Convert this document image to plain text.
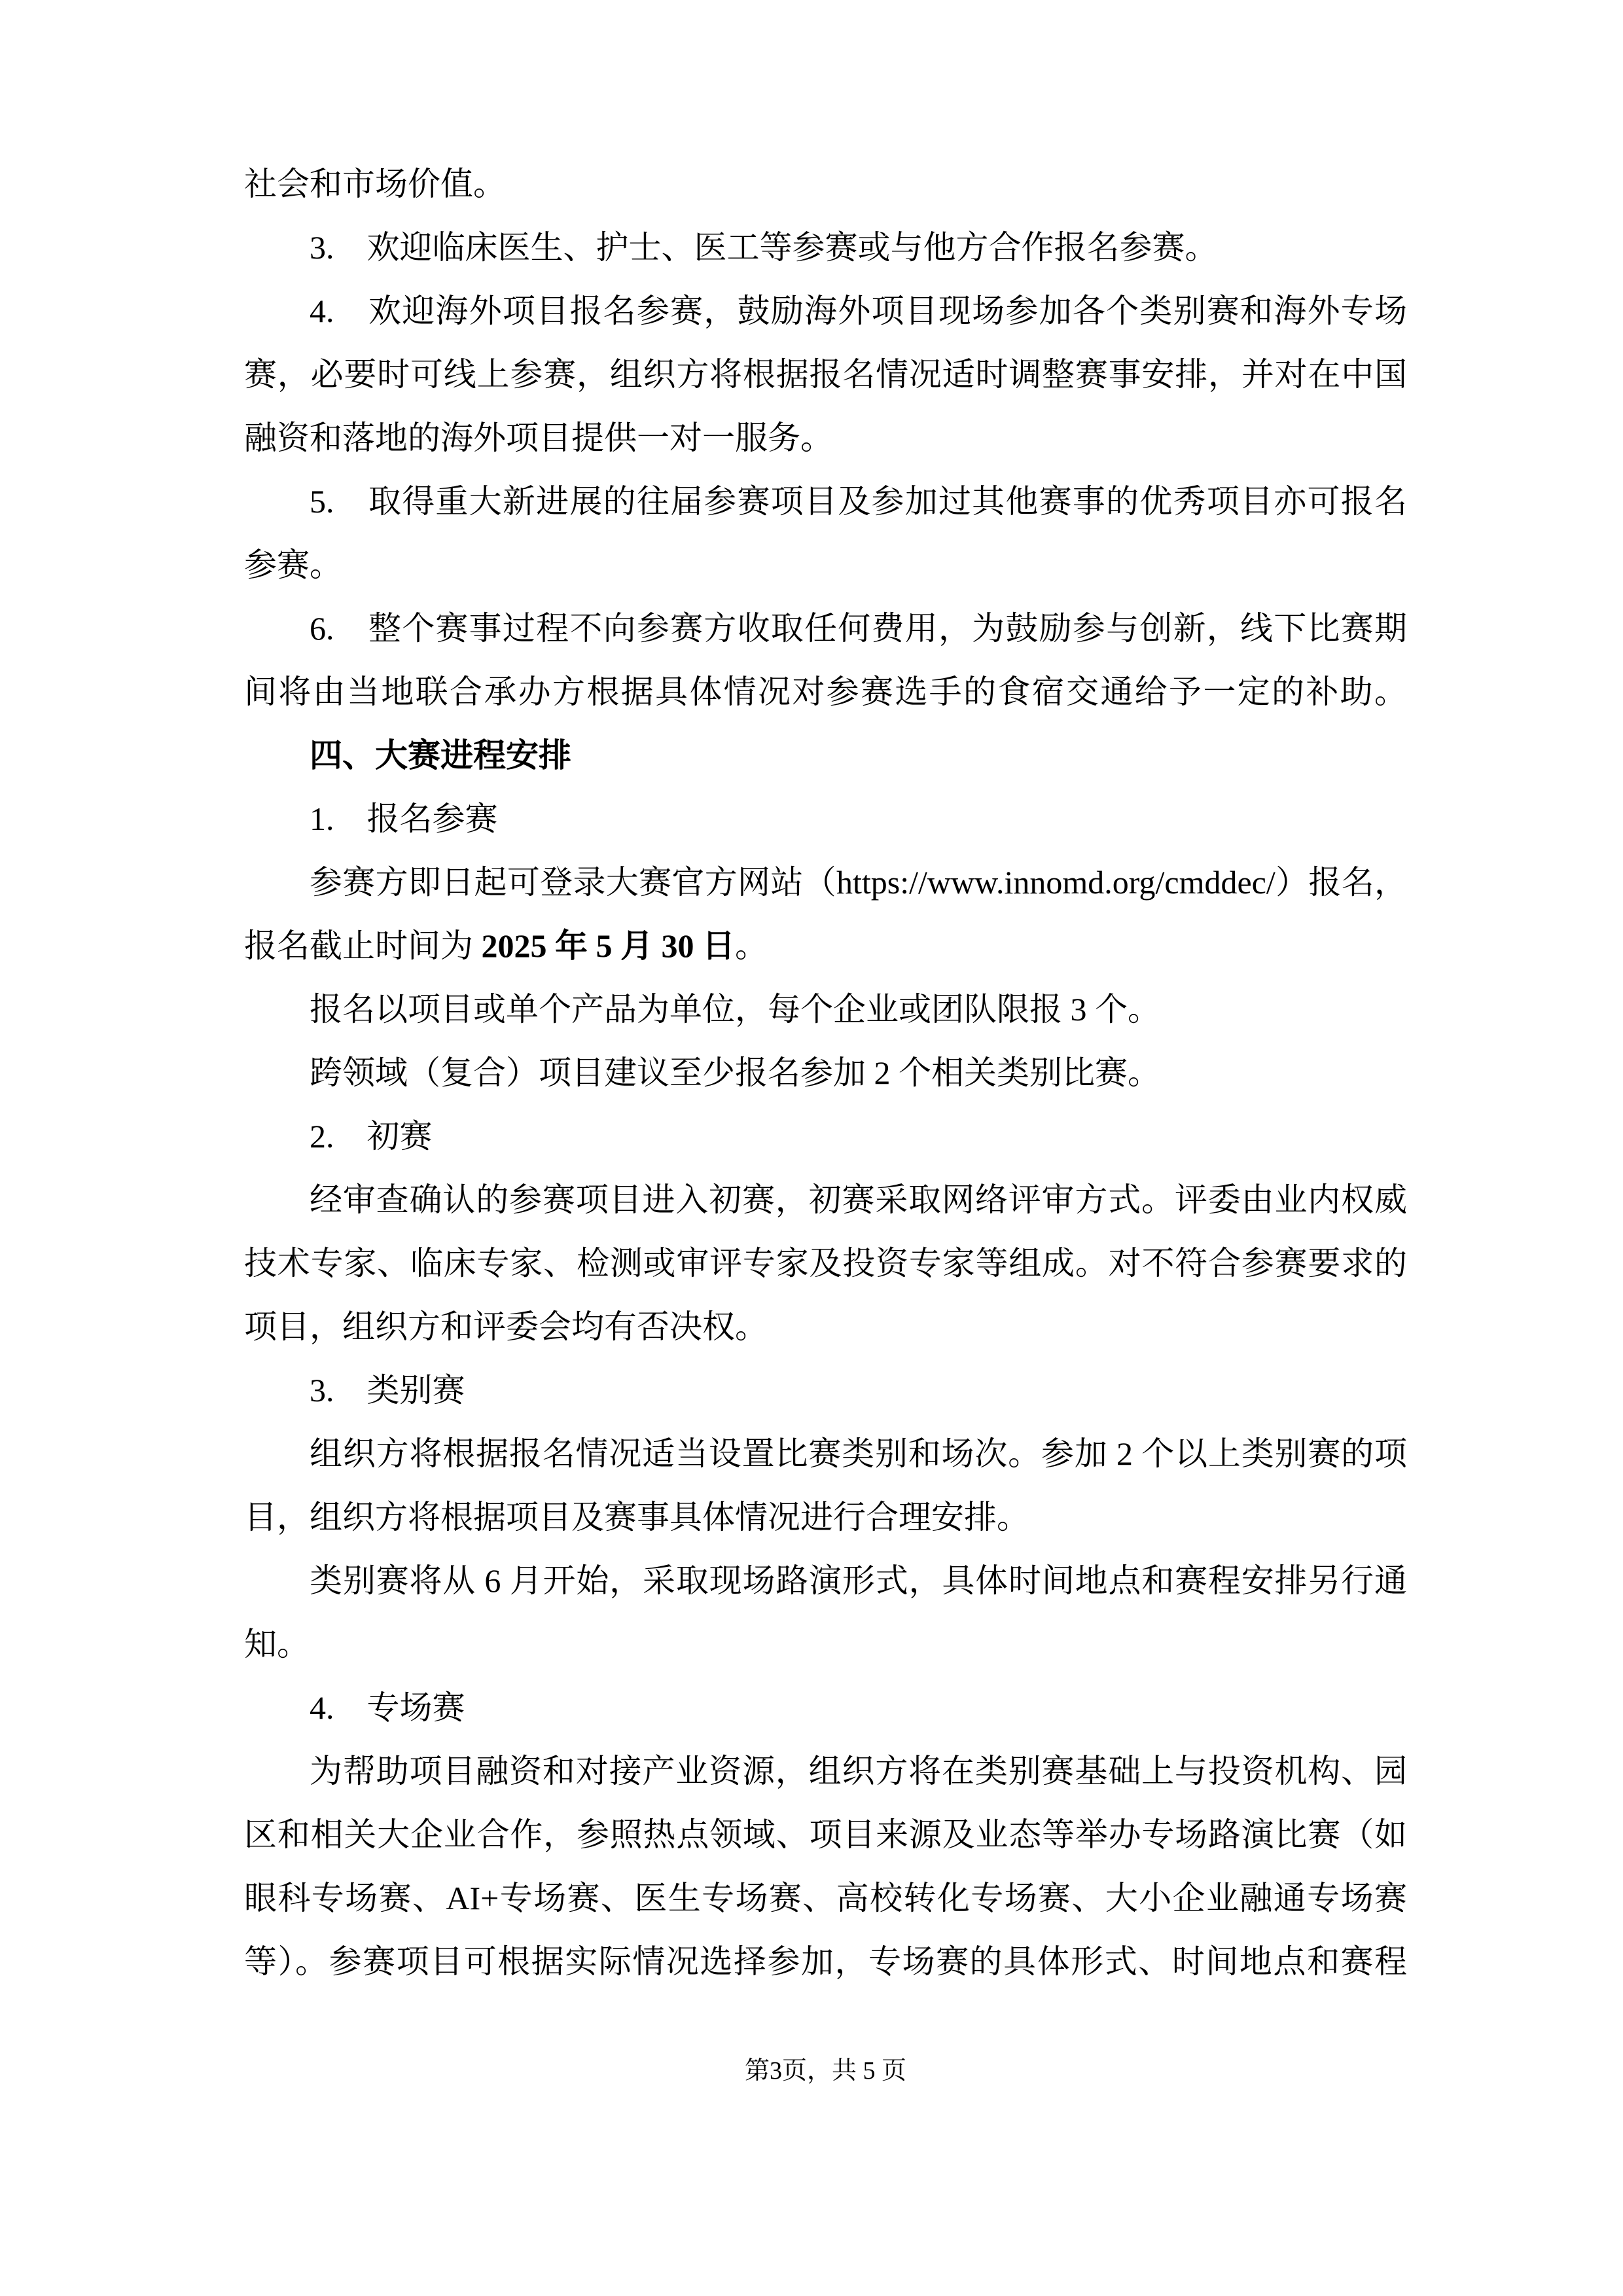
社会和市场价值。
3.　欢迎临床医生、护士、医工等参赛或与他方合作报名参赛。
4.　欢迎海外项目报名参赛，鼓励海外项目现场参加各个类别赛和海外专场
赛，必要时可线上参赛，组织方将根据报名情况适时调整赛事安排，并对在中国
融资和落地的海外项目提供一对一服务。
5.　取得重大新进展的往届参赛项目及参加过其他赛事的优秀项目亦可报名
参赛。
6.　整个赛事过程不向参赛方收取任何费用，为鼓励参与创新，线下比赛期
间将由当地联合承办方根据具体情况对参赛选手的食宿交通给予一定的补助。
四、大赛进程安排
1.　报名参赛
参赛方即日起可登录大赛官方网站（https://www.innomd.org/cmddec/）报名，
报名截止时间为 2025 年 5 月 30 日。
报名以项目或单个产品为单位，每个企业或团队限报 3 个。
跨领域（复合）项目建议至少报名参加 2 个相关类别比赛。
2.　初赛
经审查确认的参赛项目进入初赛，初赛采取网络评审方式。评委由业内权威
技术专家、临床专家、检测或审评专家及投资专家等组成。对不符合参赛要求的
项目，组织方和评委会均有否决权。
3.　类别赛
组织方将根据报名情况适当设置比赛类别和场次。参加 2 个以上类别赛的项
目，组织方将根据项目及赛事具体情况进行合理安排。
类别赛将从 6 月开始，采取现场路演形式，具体时间地点和赛程安排另行通
知。
4.　专场赛
为帮助项目融资和对接产业资源，组织方将在类别赛基础上与投资机构、园
区和相关大企业合作，参照热点领域、项目来源及业态等举办专场路演比赛（如
眼科专场赛、AI+专场赛、医生专场赛、高校转化专场赛、大小企业融通专场赛
等）。参赛项目可根据实际情况选择参加，专场赛的具体形式、时间地点和赛程
第3页，共 5 页
